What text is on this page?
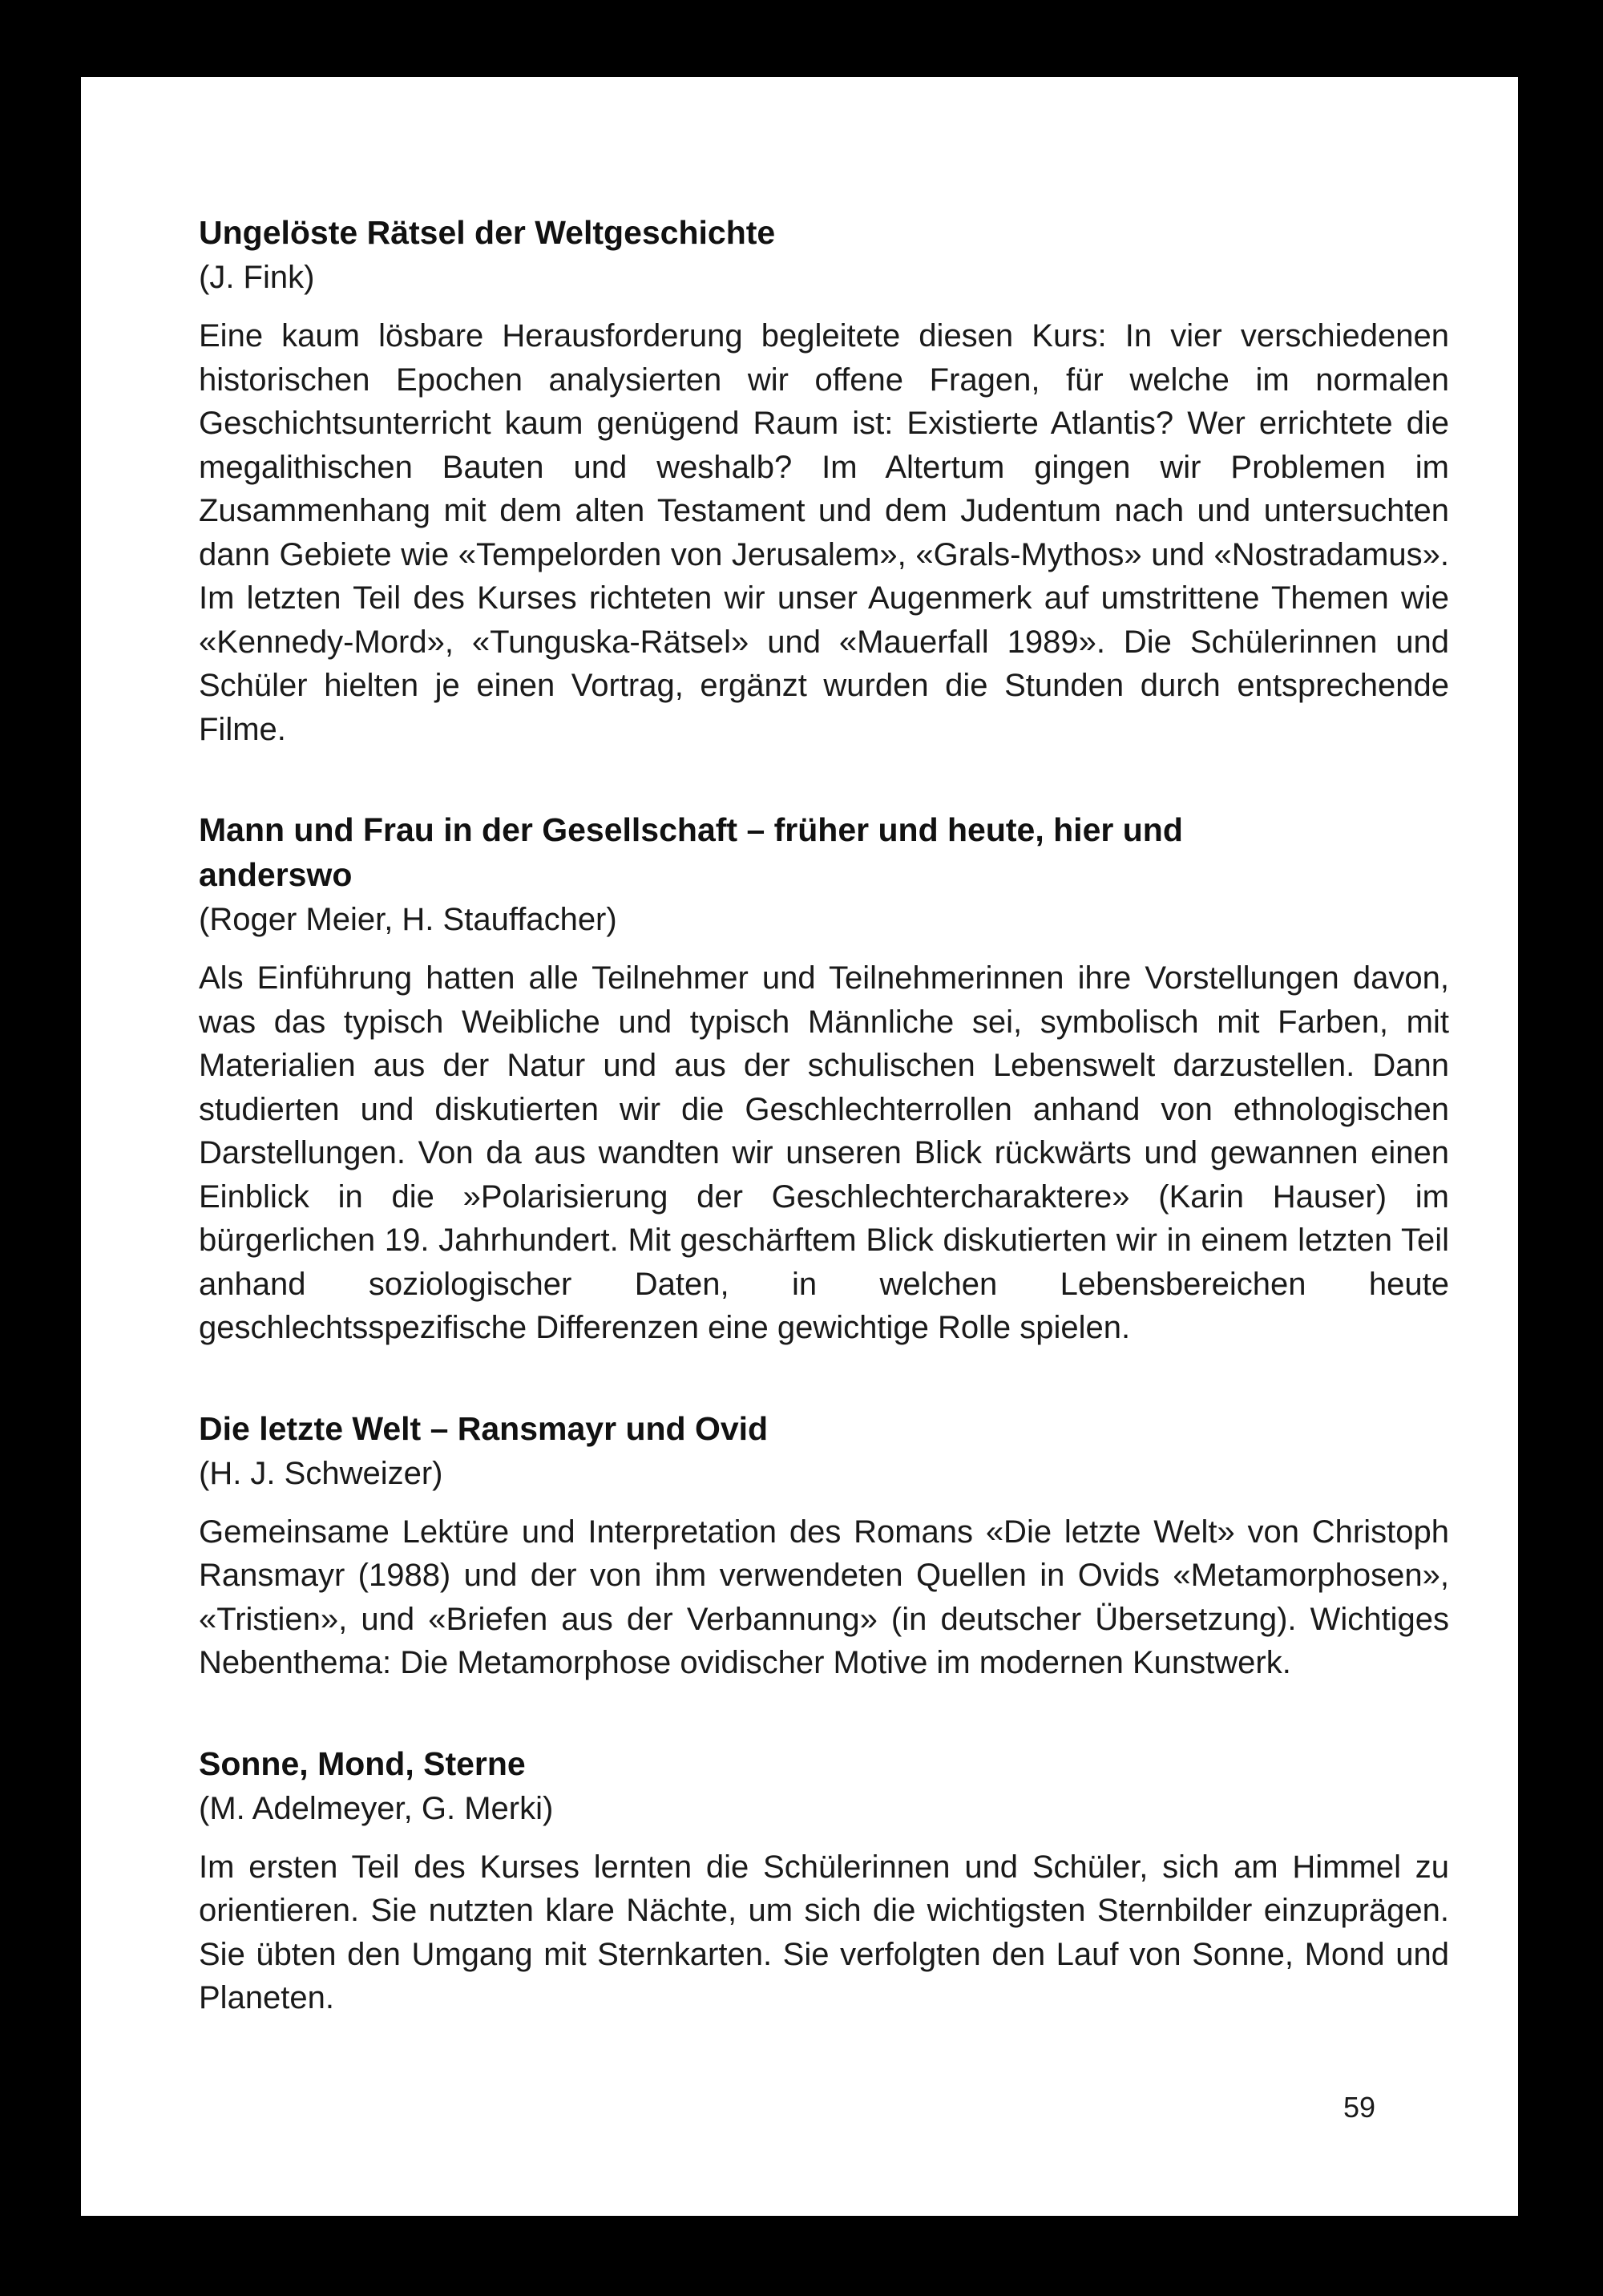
Ungelöste Rätsel der Weltgeschichte

(J. Fink)

Eine kaum lösbare Herausforderung begleitete diesen Kurs: In vier verschiedenen historischen Epochen analysierten wir offene Fragen, für welche im normalen Geschichtsunterricht kaum genügend Raum ist: Existierte Atlantis? Wer errichtete die megalithischen Bauten und weshalb? Im Altertum gingen wir Problemen im Zusammenhang mit dem alten Testament und dem Judentum nach und untersuchten dann Gebiete wie «Tempelorden von Jerusalem», «Grals-Mythos» und «Nostradamus». Im letzten Teil des Kurses richteten wir unser Augenmerk auf umstrittene Themen wie «Kennedy-Mord», «Tunguska-Rätsel» und «Mauerfall 1989». Die Schülerinnen und Schüler hielten je einen Vortrag, ergänzt wurden die Stunden durch entsprechende Filme.

Mann und Frau in der Gesellschaft – früher und heute, hier und anderswo

(Roger Meier, H. Stauffacher)

Als Einführung hatten alle Teilnehmer und Teilnehmerinnen ihre Vorstellungen davon, was das typisch Weibliche und typisch Männliche sei, symbolisch mit Farben, mit Materialien aus der Natur und aus der schulischen Lebenswelt darzustellen. Dann studierten und diskutierten wir die Geschlechterrollen anhand von ethnologischen Darstellungen. Von da aus wandten wir unseren Blick rückwärts und gewannen einen Einblick in die »Polarisierung der Geschlechtercharaktere» (Karin Hauser) im bürgerlichen 19. Jahrhundert. Mit geschärftem Blick diskutierten wir in einem letzten Teil anhand soziologischer Daten, in welchen Lebensbereichen heute geschlechtsspezifische Differenzen eine gewichtige Rolle spielen.

Die letzte Welt – Ransmayr und Ovid

(H. J. Schweizer)

Gemeinsame Lektüre und Interpretation des Romans «Die letzte Welt» von Christoph Ransmayr (1988) und der von ihm verwendeten Quellen in Ovids «Metamorphosen», «Tristien», und «Briefen aus der Verbannung» (in deutscher Übersetzung). Wichtiges Nebenthema: Die Metamorphose ovidischer Motive im modernen Kunstwerk.

Sonne, Mond, Sterne

(M. Adelmeyer, G. Merki)

Im ersten Teil des Kurses lernten die Schülerinnen und Schüler, sich am Himmel zu orientieren. Sie nutzten klare Nächte, um sich die wichtigsten Sternbilder einzuprägen. Sie übten den Umgang mit Sternkarten. Sie verfolgten den Lauf von Sonne, Mond und Planeten.

59
